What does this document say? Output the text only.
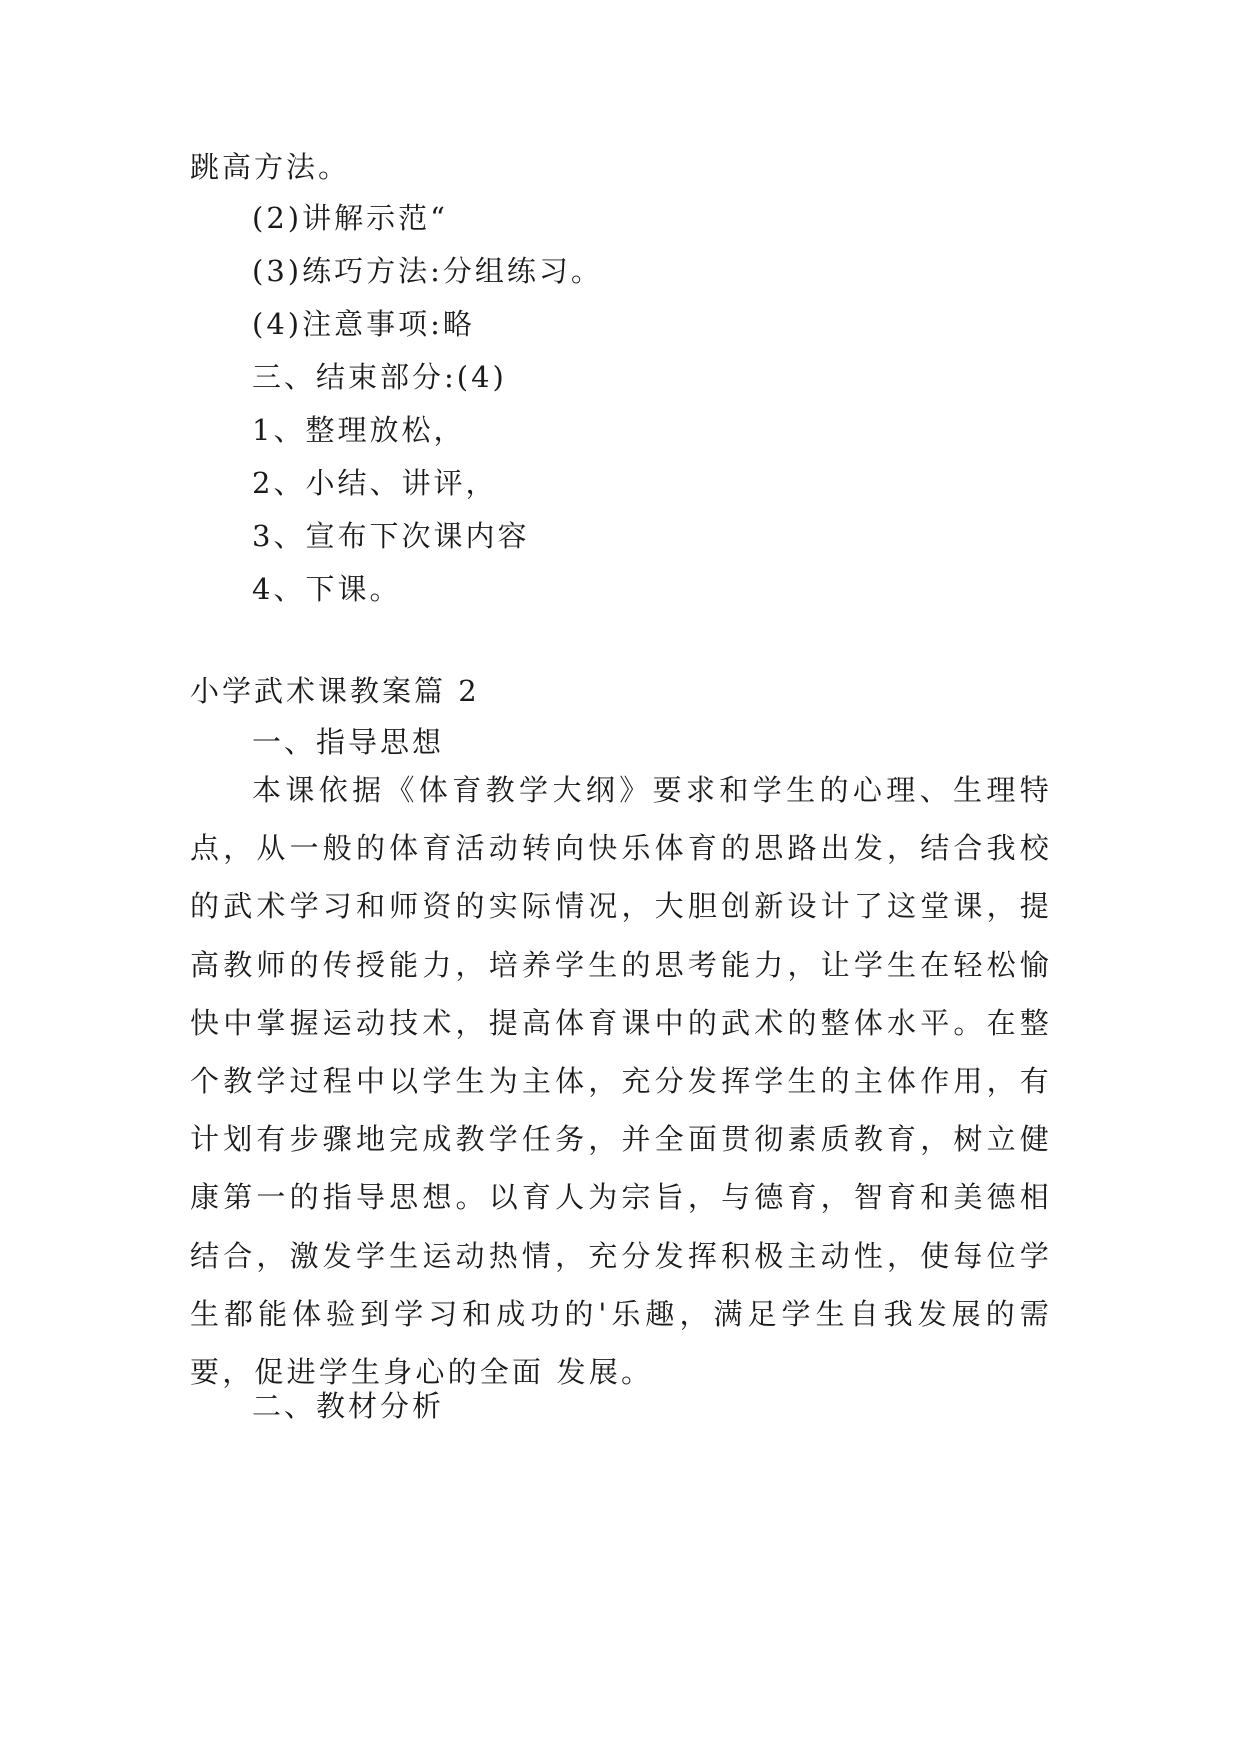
跳高方法。
(2)讲解示范“
(3)练巧方法:分组练习。
(4)注意事项:略
三、结束部分:(4)
1、整理放松，
2、小结、讲评，
3、宣布下次课内容
4、下课。
小学武术课教案篇 2
一、指导思想

本课依据《体育教学大纲》要求和学生的心理、生理特点，从一般的体育活动转向快乐体育的思路出发，结合我校的武术学习和师资的实际情况，大胆创新设计了这堂课，提高教师的传授能力，培养学生的思考能力，让学生在轻松愉快中掌握运动技术，提高体育课中的武术的整体水平。在整个教学过程中以学生为主体，充分发挥学生的主体作用，有计划有步骤地完成教学任务，并全面贯彻素质教育，树立健康第一的指导思想。以育人为宗旨，与德育，智育和美德相结合，激发学生运动热情，充分发挥积极主动性，使每位学生都能体验到学习和成功的'乐趣，满足学生自我发展的需要，促进学生身心的全面 发展。

二、教材分析
